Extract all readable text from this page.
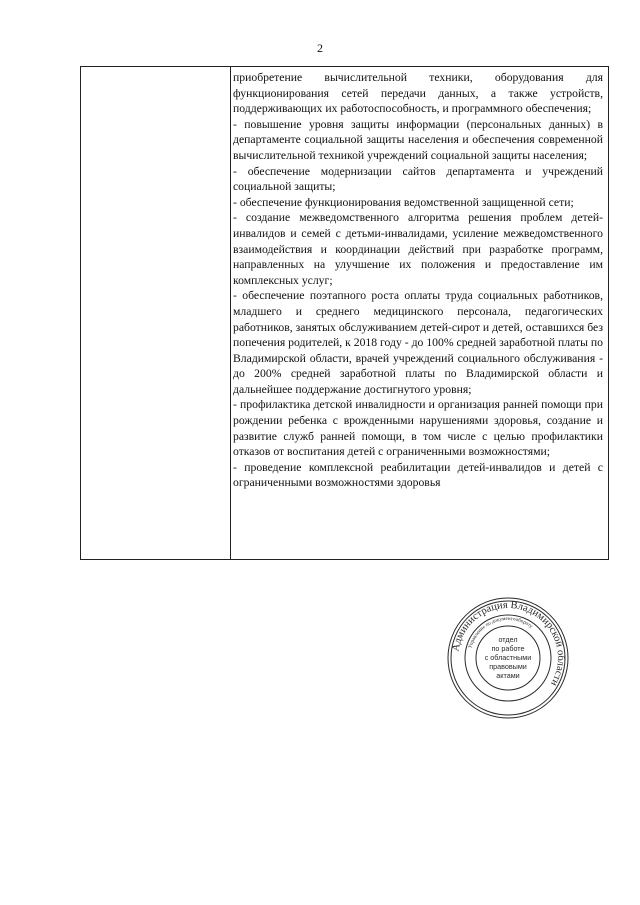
2

приобретение вычислительной техники, оборудования для функционирования сетей передачи данных, а также устройств, поддерживающих их работоспособность, и программного обеспечения;

- повышение уровня защиты информации (персональных данных) в департаменте социальной защиты населения и обеспечения современной вычислительной техникой учреждений социальной защиты населения;

- обеспечение модернизации сайтов департамента и учреждений социальной защиты;

- обеспечение функционирования ведомственной защищенной сети;

- создание межведомственного алгоритма решения проблем детей-инвалидов и семей с детьми-инвалидами, усиление межведомственного взаимодействия и координации действий при разработке программ, направленных на улучшение их положения и предоставление им комплексных услуг;

- обеспечение поэтапного роста оплаты труда социальных работников, младшего и среднего медицинского персонала, педагогических работников, занятых обслуживанием детей-сирот и детей, оставшихся без попечения родителей, к 2018 году - до 100% средней заработной платы по Владимирской области, врачей учреждений социального обслуживания - до 200% средней заработной платы по Владимирской области и дальнейшее поддержание достигнутого уровня;

- профилактика детской инвалидности и организация ранней помощи при рождении ребенка с врожденными нарушениями здоровья, создание и развитие служб ранней помощи, в том числе с целью профилактики отказов от воспитания детей с ограниченными возможностями;

- проведение комплексной реабилитации детей-инвалидов и детей с ограниченными возможностями здоровья

Администрация Владимирской области
Управление по документообороту
отдел
по работе
с областными
правовыми
актами
